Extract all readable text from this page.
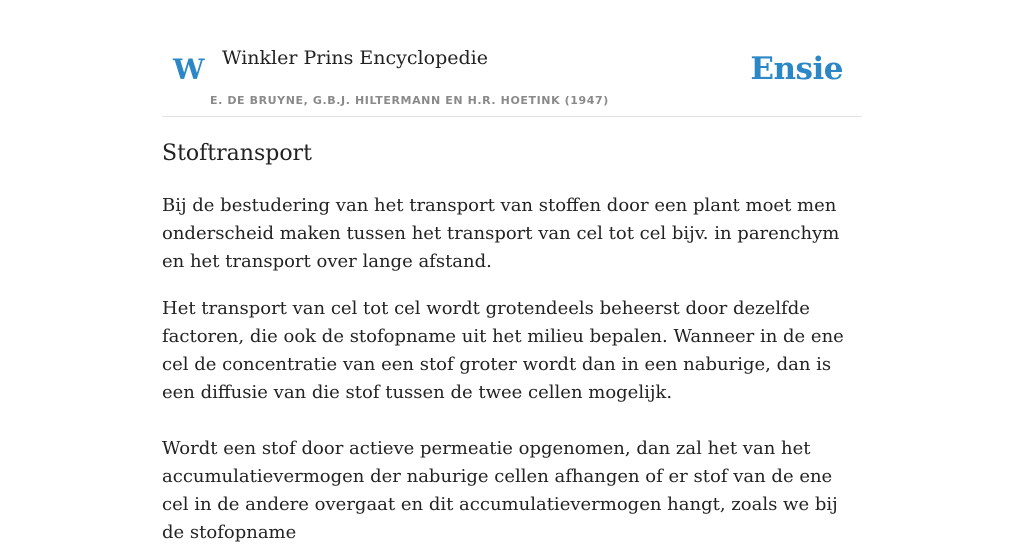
W Winkler Prins Encyclopedie
E. DE BRUYNE, G.B.J. HILTERMANN EN H.R. HOETINK (1947)
Ensie
Stoftransport

Bij de bestudering van het transport van stoffen door een plant moet men onderscheid maken tussen het transport van cel tot cel bijv. in parenchym en het transport over lange afstand.

Het transport van cel tot cel wordt grotendeels beheerst door dezelfde factoren, die ook de stofopname uit het milieu bepalen. Wanneer in de ene cel de concentratie van een stof groter wordt dan in een naburige, dan is een diffusie van die stof tussen de twee cellen mogelijk.

Wordt een stof door actieve permeatie opgenomen, dan zal het van het accumulatievermogen der naburige cellen afhangen of er stof van de ene cel in de andere overgaat en dit accumulatievermogen hangt, zoals we bij de stofopname
